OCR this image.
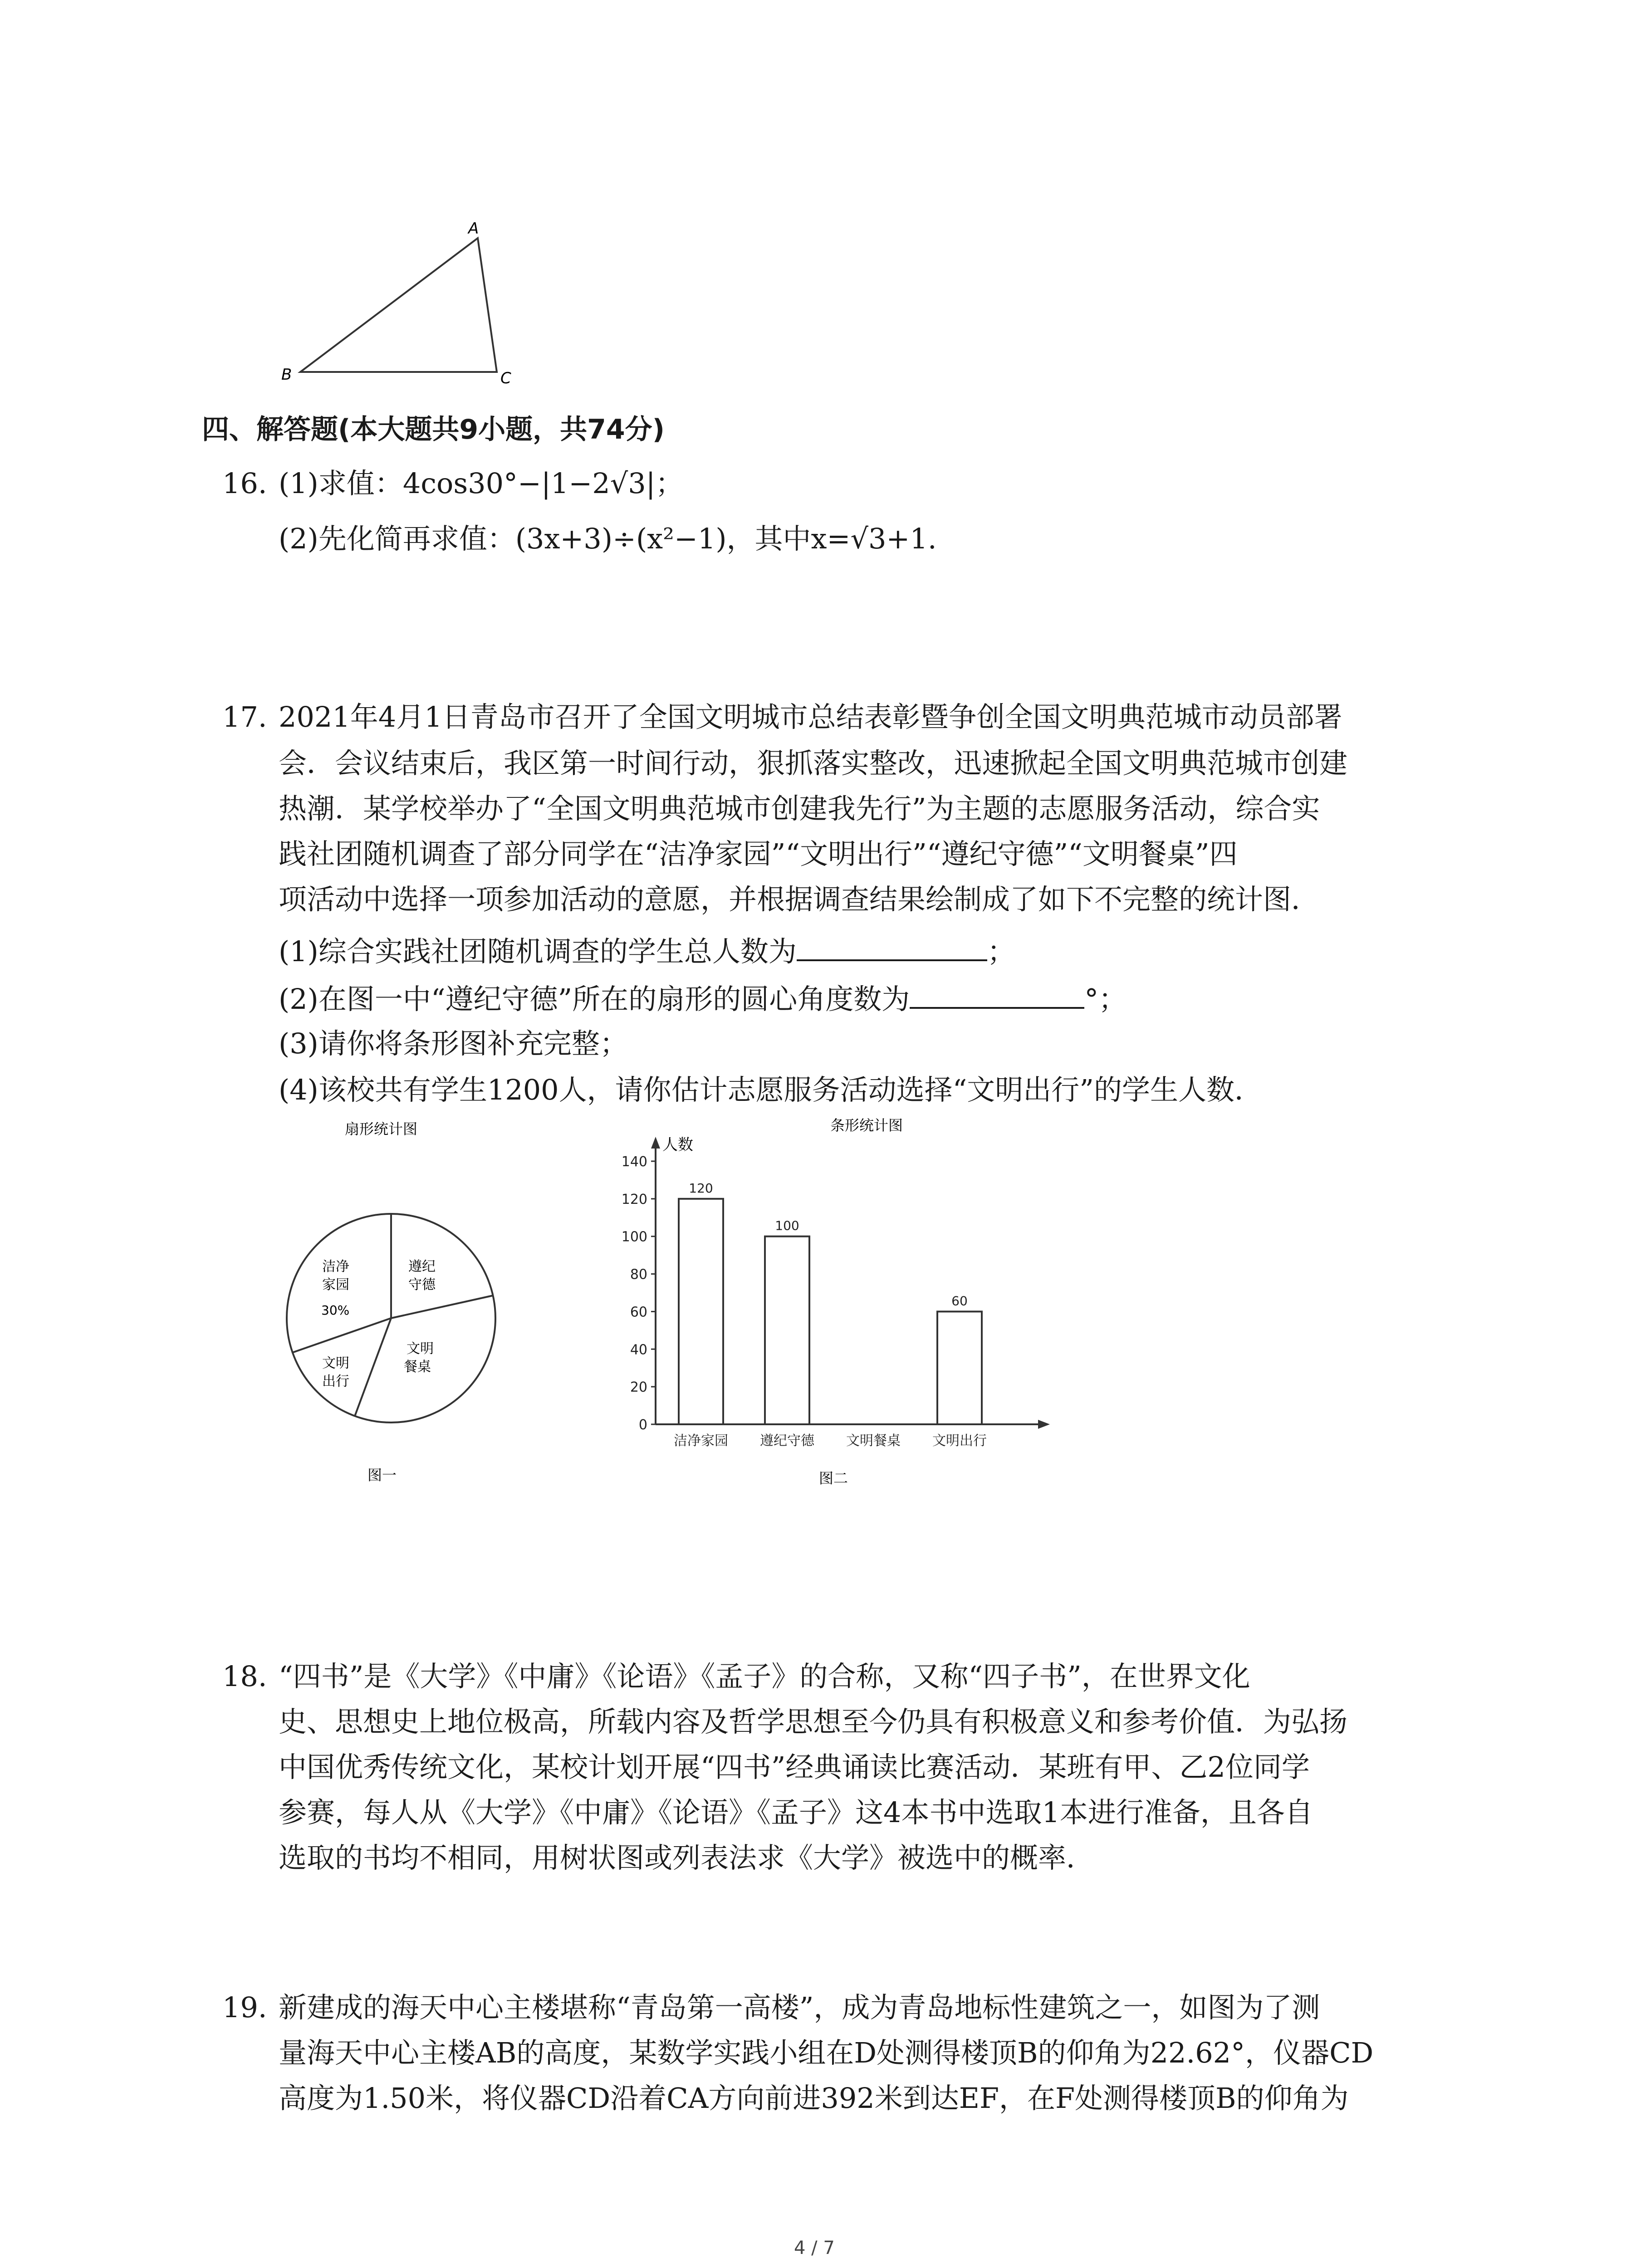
A
B	C
四、解答题(本大题共9小题，共74分)
16. (1)求值：4cos30°−|1−2√3|；
(2)先化简再求值：(3x+3)÷(x²−1)，其中x=√3+1.
17. 2021年4月1日青岛市召开了全国文明城市总结表彰暨争创全国文明典范城市动员部署
会．会议结束后，我区第一时间行动，狠抓落实整改，迅速掀起全国文明典范城市创建
热潮．某学校举办了“全国文明典范城市创建我先行”为主题的志愿服务活动，综合实
践社团随机调查了部分同学在“洁净家园”“文明出行”“遵纪守德”“文明餐桌”四
项活动中选择一项参加活动的意愿，并根据调查结果绘制成了如下不完整的统计图．
(1)综合实践社团随机调查的学生总人数为	；
(2)在图一中“遵纪守德”所在的扇形的圆心角度数为	°；
(3)请你将条形图补充完整；
(4)该校共有学生1200人，请你估计志愿服务活动选择“文明出行”的学生人数．
扇形统计图
洁净
家园
30%
遵纪
守德
文明
餐桌
文明
出行
图一
条形统计图
人数
0
20
40
60
80
100
120
140
120
洁净家园
100
遵纪守德 文明餐桌
60
文明出行
图二
18. “四书”是《大学》《中庸》《论语》《孟子》的合称，又称“四子书”，在世界文化
史、思想史上地位极高，所载内容及哲学思想至今仍具有积极意义和参考价值．为弘扬
中国优秀传统文化，某校计划开展“四书”经典诵读比赛活动．某班有甲、乙2位同学
参赛，每人从《大学》《中庸》《论语》《孟子》这4本书中选取1本进行准备，且各自
选取的书均不相同，用树状图或列表法求《大学》被选中的概率．
19. 新建成的海天中心主楼堪称“青岛第一高楼”，成为青岛地标性建筑之一，如图为了测
量海天中心主楼AB的高度，某数学实践小组在D处测得楼顶B的仰角为22.62°，仪器CD
高度为1.50米，将仪器CD沿着CA方向前进392米到达EF，在F处测得楼顶B的仰角为
4 / 7
